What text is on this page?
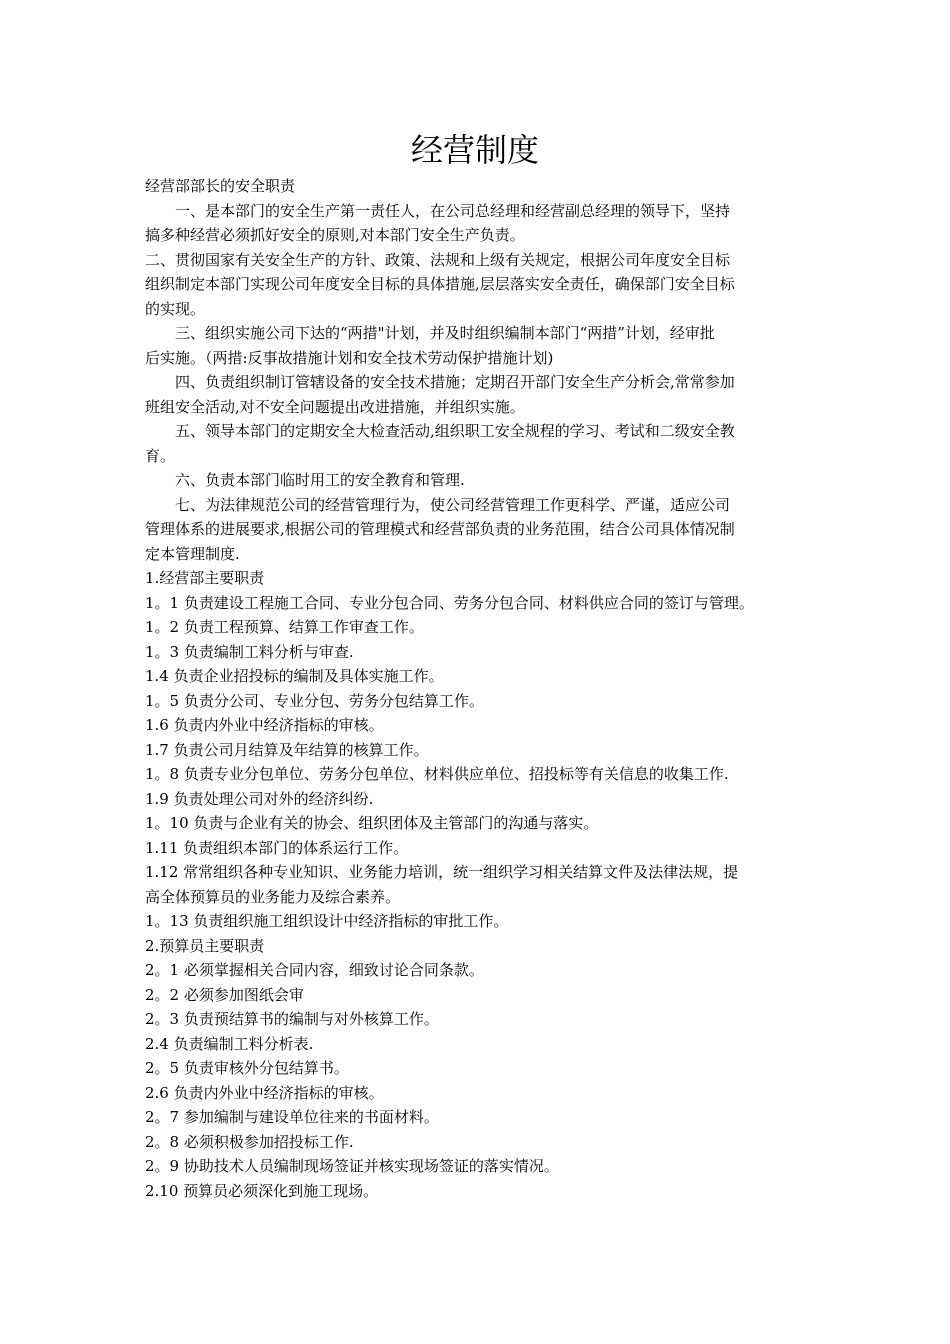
经营制度

经营部部长的安全职责

一、是本部门的安全生产第一责任人，在公司总经理和经营副总经理的领导下，坚持

搞多种经营必须抓好安全的原则,对本部门安全生产负责。

二、贯彻国家有关安全生产的方针、政策、法规和上级有关规定，根据公司年度安全目标

组织制定本部门实现公司年度安全目标的具体措施,层层落实安全责任，确保部门安全目标

的实现。

三、组织实施公司下达的“两措"计划，并及时组织编制本部门“两措”计划，经审批

后实施。（两措:反事故措施计划和安全技术劳动保护措施计划)

四、负责组织制订管辖设备的安全技术措施；定期召开部门安全生产分析会,常常参加

班组安全活动,对不安全问题提出改进措施，并组织实施。

五、领导本部门的定期安全大检查活动,组织职工安全规程的学习、考试和二级安全教

育。

六、负责本部门临时用工的安全教育和管理.

七、为法律规范公司的经营管理行为，使公司经营管理工作更科学、严谨，适应公司

管理体系的进展要求,根据公司的管理模式和经营部负责的业务范围，结合公司具体情况制

定本管理制度.

1.经营部主要职责

1。1 负责建设工程施工合同、专业分包合同、劳务分包合同、材料供应合同的签订与管理。

1。2 负责工程预算、结算工作审查工作。

1。3 负责编制工料分析与审查.

1.4 负责企业招投标的编制及具体实施工作。

1。5 负责分公司、专业分包、劳务分包结算工作。

1.6 负责内外业中经济指标的审核。

1.7 负责公司月结算及年结算的核算工作。

1。8 负责专业分包单位、劳务分包单位、材料供应单位、招投标等有关信息的收集工作.

1.9 负责处理公司对外的经济纠纷.

1。10 负责与企业有关的协会、组织团体及主管部门的沟通与落实。

1.11 负责组织本部门的体系运行工作。

1.12 常常组织各种专业知识、业务能力培训，统一组织学习相关结算文件及法律法规，提

高全体预算员的业务能力及综合素养。

1。13 负责组织施工组织设计中经济指标的审批工作。

2.预算员主要职责

2。1 必须掌握相关合同内容，细致讨论合同条款。

2。2 必须参加图纸会审

2。3 负责预结算书的编制与对外核算工作。

2.4 负责编制工料分析表.

2。5 负责审核外分包结算书。

2.6 负责内外业中经济指标的审核。

2。7 参加编制与建设单位往来的书面材料。

2。8 必须积极参加招投标工作.

2。9 协助技术人员编制现场签证并核实现场签证的落实情况。

2.10 预算员必须深化到施工现场。
